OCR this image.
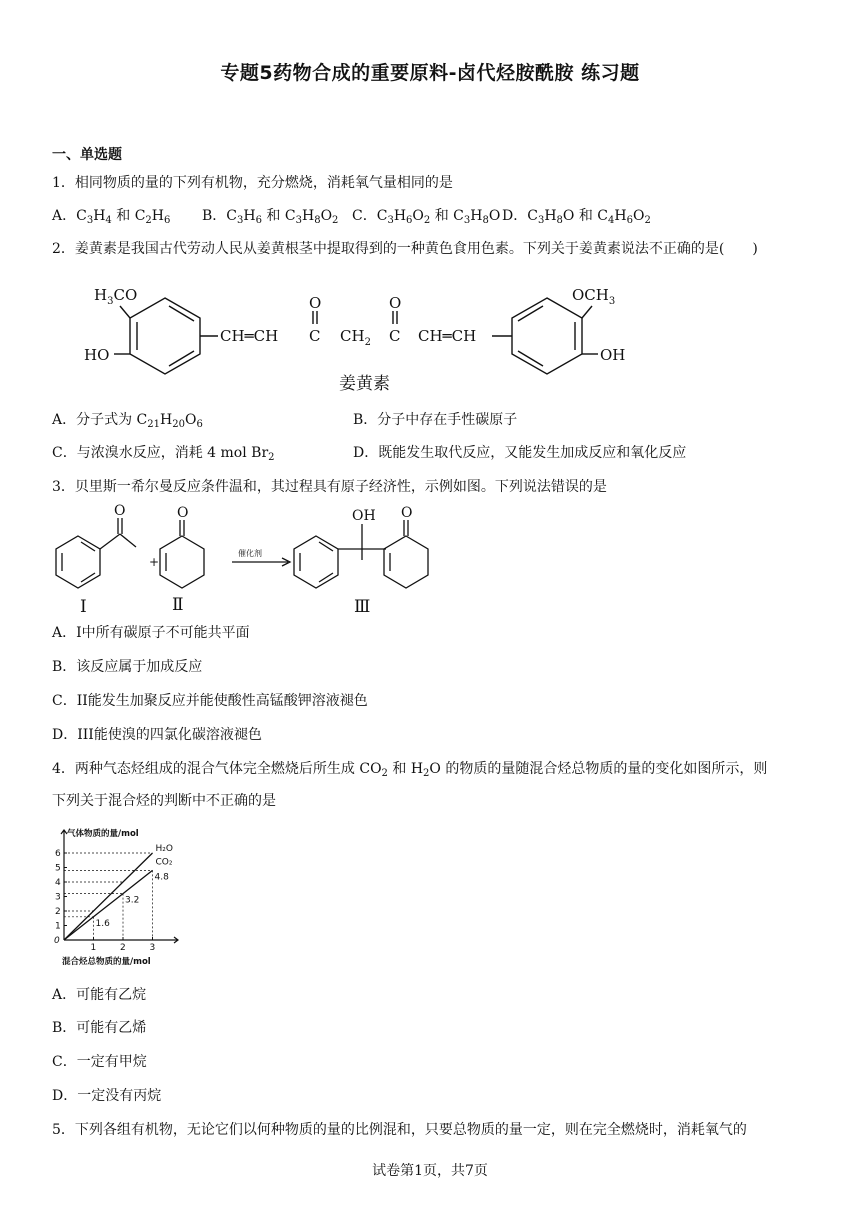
专题5药物合成的重要原料-卤代烃胺酰胺 练习题
一、单选题
1．相同物质的量的下列有机物，充分燃烧，消耗氧气量相同的是
A．$C_3H_4$ 和 $C_2H_6$ B．$C_3H_6$ 和 $C_3H_8O_2$ C．$C_3H_6O_2$ 和 $C_3H_8O$ D．$C_3H_8O$ 和 $C_4H_6O_2$
2．姜黄素是我国古代劳动人民从姜黄根茎中提取得到的一种黄色食用色素。下列关于姜黄素说法不正确的是(　　)
$H_3CO$
HO
CH═CH
O
C $CH_2$
O
C CH═CH
$OCH_3$
OH
姜黄素
A．分子式为 $C_{21}H_{20}O_6$	B．分子中存在手性碳原子
C．与浓溴水反应，消耗 4 mol $Br_2$	D．既能发生取代反应，又能发生加成反应和氧化反应
3．贝里斯一希尔曼反应条件温和，其过程具有原子经济性，示例如图。下列说法错误的是
O	O
+
催化剂
OH O
Ⅰ	Ⅱ	Ⅲ
A．I中所有碳原子不可能共平面
B．该反应属于加成反应
C．II能发生加聚反应并能使酸性高锰酸钾溶液褪色
D．III能使溴的四氯化碳溶液褪色
4．两种气态烃组成的混合气体完全燃烧后所生成 $CO_2$ 和 $H_2O$ 的物质的量随混合烃总物质的量的变化如图所示，则
下列关于混合烃的判断中不正确的是
1
2
3
4
5
6
0
1	2	3
H₂O
CO₂
1.6
3.2
4.8
气体物质的量/mol
混合烃总物质的量/mol
A．可能有乙烷
B．可能有乙烯
C．一定有甲烷
D．一定没有丙烷
5．下列各组有机物，无论它们以何种物质的量的比例混和，只要总物质的量一定，则在完全燃烧时，消耗氧气的
试卷第1页，共7页
